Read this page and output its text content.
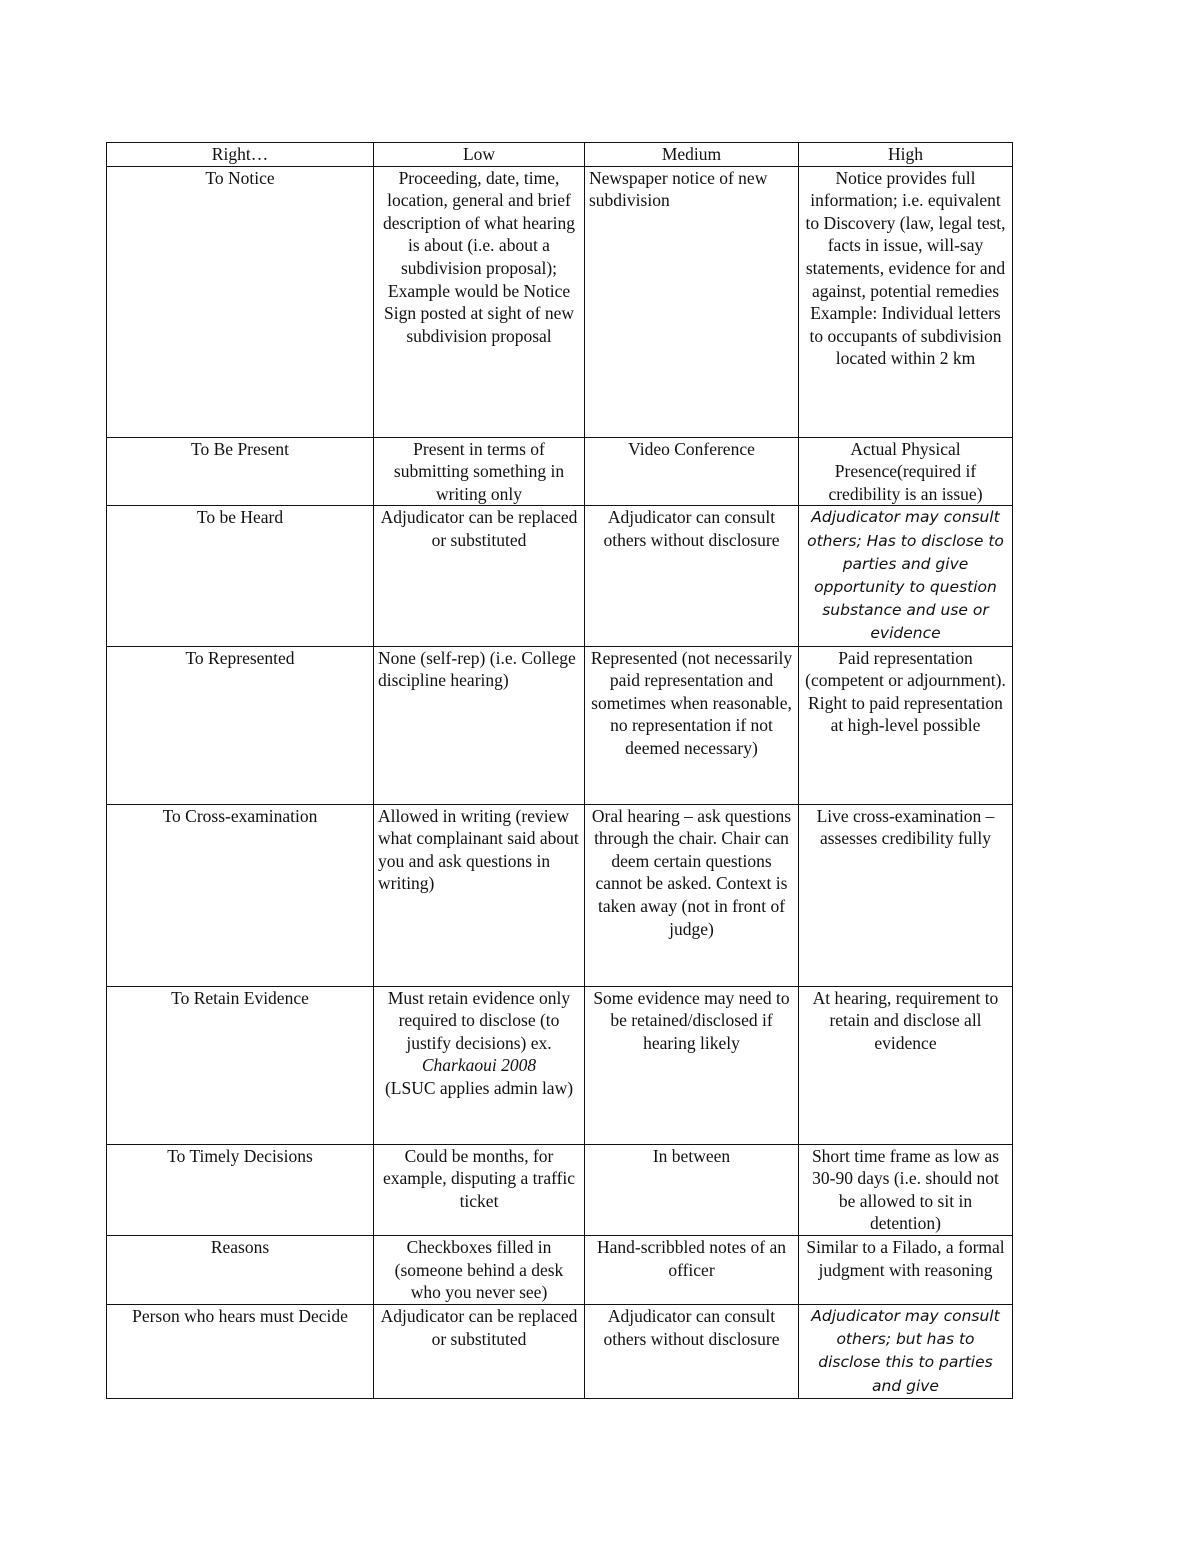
Right…	Low	Medium	High
To Notice	Proceeding, date, time, location, general and brief description of what hearing is about (i.e. about a subdivision proposal); Example would be Notice Sign posted at sight of new subdivision proposal	Newspaper notice of new subdivision	Notice provides full information; i.e. equivalent to Discovery (law, legal test, facts in issue, will-say statements, evidence for and against, potential remedies
Example: Individual letters to occupants of subdivision located within 2 km

To Be Present	Present in terms of submitting something in writing only	Video Conference	Actual Physical Presence(required if credibility is an issue)
To be Heard	Adjudicator can be replaced or substituted	Adjudicator can consult others without disclosure	Adjudicator may consult others; Has to disclose to parties and give opportunity to question substance and use or evidence
To Represented	None (self-rep) (i.e. College discipline hearing)	Represented (not necessarily paid representation and sometimes when reasonable, no representation if not deemed necessary)	Paid representation (competent or adjournment). Right to paid representation at high-level possible
To Cross-examination	Allowed in writing (review what complainant said about you and ask questions in writing)	Oral hearing – ask questions through the chair. Chair can deem certain questions cannot be asked. Context is taken away (not in front of judge)	Live cross-examination – assesses credibility fully
To Retain Evidence	Must retain evidence only required to disclose (to justify decisions) ex.
Charkaoui 2008
(LSUC applies admin law)	Some evidence may need to be retained/disclosed if hearing likely	At hearing, requirement to retain and disclose all evidence
To Timely Decisions	Could be months, for example, disputing a traffic ticket	In between	Short time frame as low as 30-90 days (i.e. should not be allowed to sit in detention)
Reasons	Checkboxes filled in (someone behind a desk who you never see)	Hand-scribbled notes of an officer	Similar to a Filado, a formal judgment with reasoning
Person who hears must Decide	Adjudicator can be replaced or substituted	Adjudicator can consult others without disclosure	Adjudicator may consult others; but has to disclose this to parties and give
